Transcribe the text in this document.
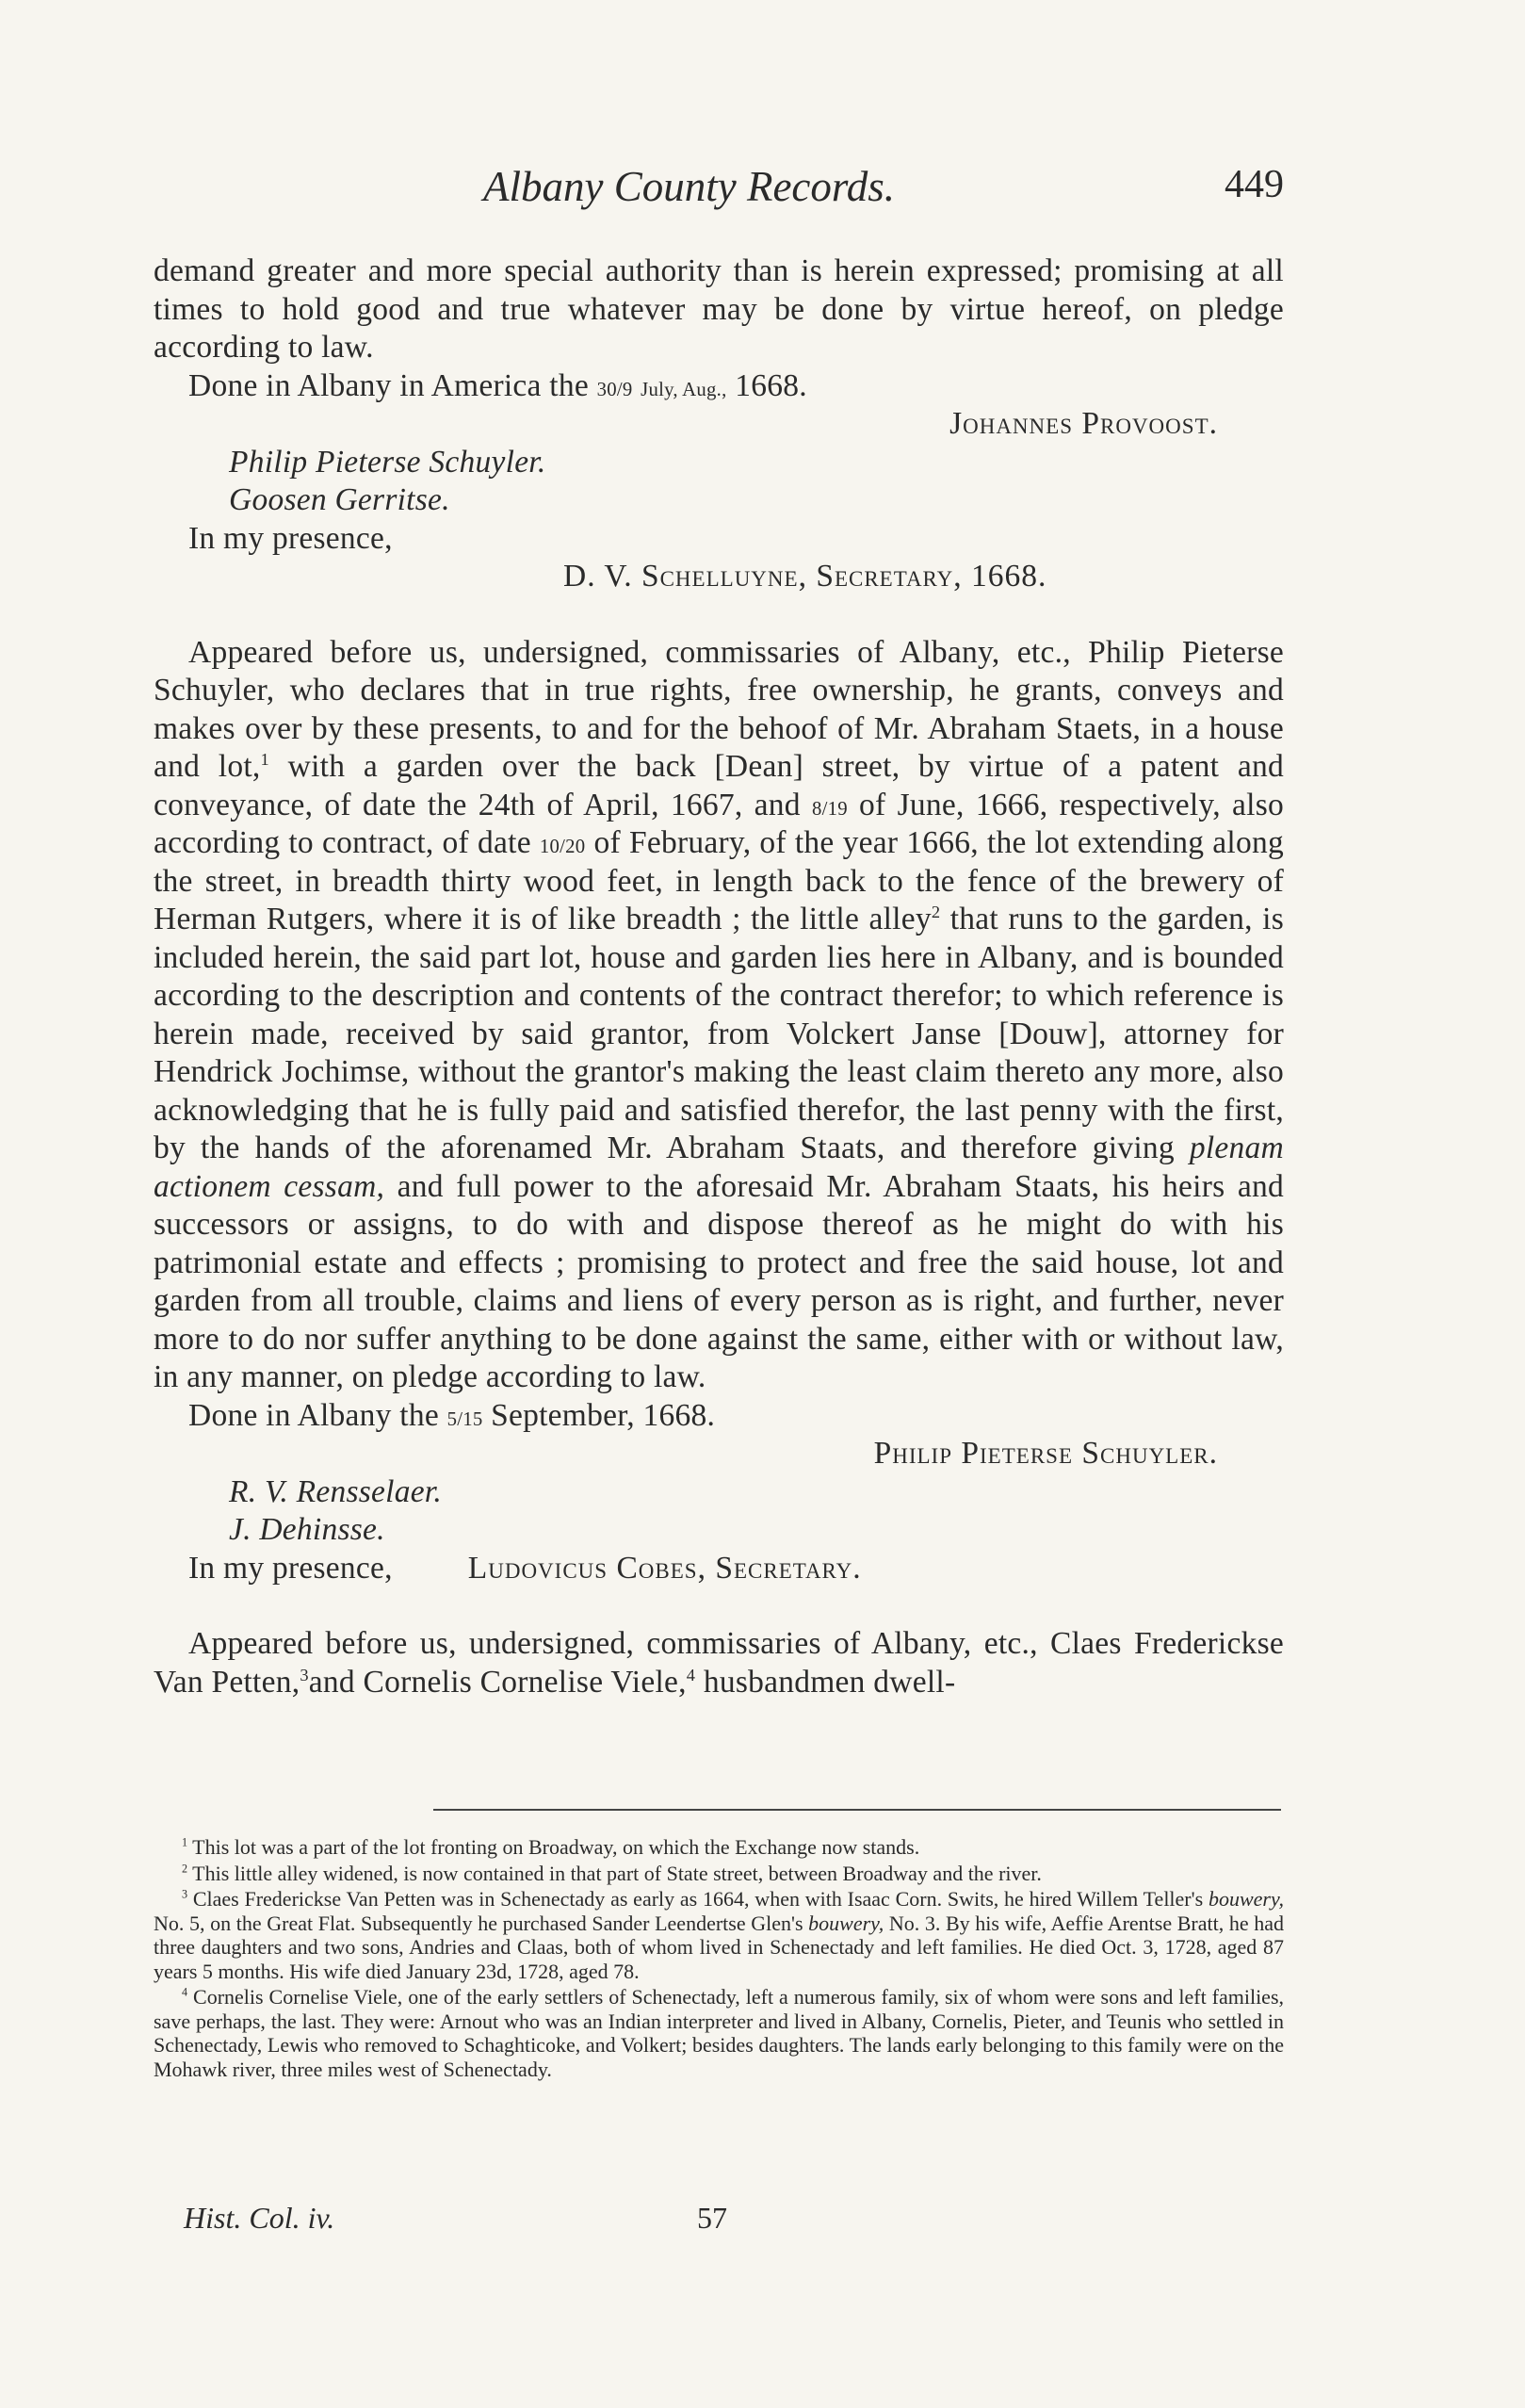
Albany County Records.	449

demand greater and more special authority than is herein expressed; promising at all times to hold good and true whatever may be done by virtue hereof, on pledge according to law.

Done in Albany in America the 30/9 July, Aug., 1668.

Johannes Provoost.

Philip Pieterse Schuyler.

Goosen Gerritse.

In my presence,

D. V. Schelluyne, Secretary, 1668.

Appeared before us, undersigned, commissaries of Albany, etc., Philip Pieterse Schuyler, who declares that in true rights, free ownership, he grants, conveys and makes over by these presents, to and for the behoof of Mr. Abraham Staets, in a house and lot,$^1$ with a garden over the back [Dean] street, by virtue of a patent and conveyance, of date the 24th of April, 1667, and 8/19 of June, 1666, respectively, also according to contract, of date 10/20 of February, of the year 1666, the lot extending along the street, in breadth thirty wood feet, in length back to the fence of the brewery of Herman Rutgers, where it is of like breadth ; the little alley$^2$ that runs to the garden, is included herein, the said part lot, house and garden lies here in Albany, and is bounded according to the description and contents of the contract therefor; to which reference is herein made, received by said grantor, from Volckert Janse [Douw], attorney for Hendrick Jochimse, without the grantor's making the least claim thereto any more, also acknowledging that he is fully paid and satisfied therefor, the last penny with the first, by the hands of the aforenamed Mr. Abraham Staats, and therefore giving plenam actionem cessam, and full power to the aforesaid Mr. Abraham Staats, his heirs and successors or assigns, to do with and dispose thereof as he might do with his patrimonial estate and effects ; promising to protect and free the said house, lot and garden from all trouble, claims and liens of every person as is right, and further, never more to do nor suffer anything to be done against the same, either with or without law, in any manner, on pledge according to law.

Done in Albany the 5/15 September, 1668.

Philip Pieterse Schuyler.

R. V. Rensselaer.

J. Dehinsse.

In my presence, Ludovicus Cobes, Secretary.

Appeared before us, undersigned, commissaries of Albany, etc., Claes Frederickse Van Petten,$^3$and Cornelis Cornelise Viele,$^4$ husbandmen dwell-

$^1$ This lot was a part of the lot fronting on Broadway, on which the Exchange now stands.

$^2$ This little alley widened, is now contained in that part of State street, between Broadway and the river.

$^3$ Claes Frederickse Van Petten was in Schenectady as early as 1664, when with Isaac Corn. Swits, he hired Willem Teller's bouwery, No. 5, on the Great Flat. Subsequently he purchased Sander Leendertse Glen's bouwery, No. 3. By his wife, Aeffie Arentse Bratt, he had three daughters and two sons, Andries and Claas, both of whom lived in Schenectady and left families. He died Oct. 3, 1728, aged 87 years 5 months. His wife died January 23d, 1728, aged 78.

$^4$ Cornelis Cornelise Viele, one of the early settlers of Schenectady, left a numerous family, six of whom were sons and left families, save perhaps, the last. They were: Arnout who was an Indian interpreter and lived in Albany, Cornelis, Pieter, and Teunis who settled in Schenectady, Lewis who removed to Schaghticoke, and Volkert; besides daughters. The lands early belonging to this family were on the Mohawk river, three miles west of Schenectady.

Hist. Col. iv.	57
